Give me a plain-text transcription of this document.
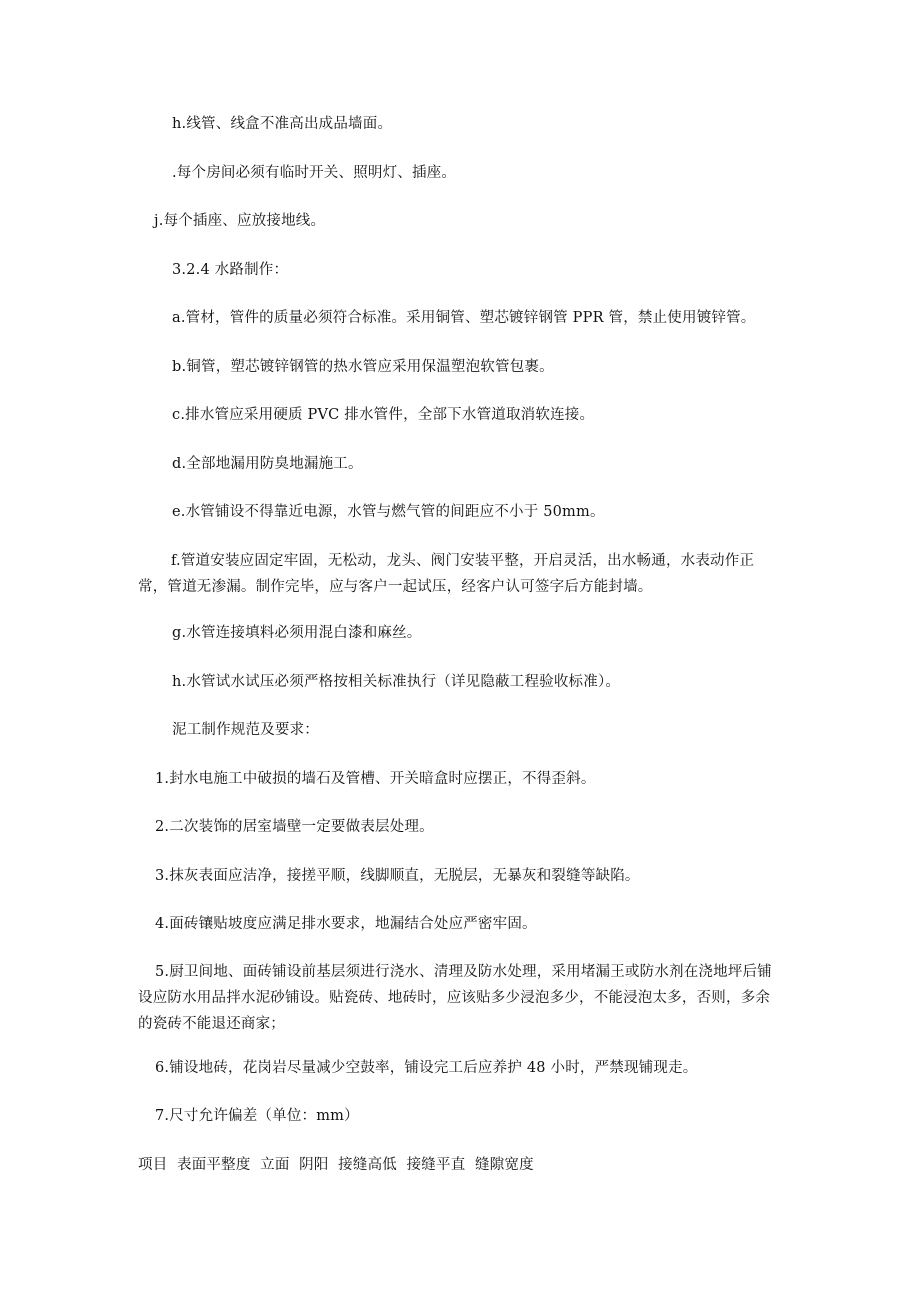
h.线管、线盒不准高出成品墙面。

.每个房间必须有临时开关、照明灯、插座。

j.每个插座、应放接地线。

3.2.4 水路制作：

a.管材，管件的质量必须符合标准。采用铜管、塑芯镀锌钢管 PPR 管，禁止使用镀锌管。

b.铜管，塑芯镀锌钢管的热水管应采用保温塑泡软管包裹。

c.排水管应采用硬质 PVC 排水管件，全部下水管道取消软连接。

d.全部地漏用防臭地漏施工。

e.水管铺设不得靠近电源，水管与燃气管的间距应不小于 50mm。

f.管道安装应固定牢固，无松动，龙头、阀门安装平整，开启灵活，出水畅通，水表动作正常，管道无渗漏。制作完毕，应与客户一起试压，经客户认可签字后方能封墙。

g.水管连接填料必须用混白漆和麻丝。

h.水管试水试压必须严格按相关标准执行（详见隐蔽工程验收标准）。

泥工制作规范及要求：

1.封水电施工中破损的墙石及管槽、开关暗盒时应摆正，不得歪斜。

2.二次装饰的居室墙壁一定要做表层处理。

3.抹灰表面应洁净，接搓平顺，线脚顺直，无脱层，无暴灰和裂缝等缺陷。

4.面砖镶贴坡度应满足排水要求，地漏结合处应严密牢固。

5.厨卫间地、面砖铺设前基层须进行浇水、清理及防水处理，采用堵漏王或防水剂在浇地坪后铺设应防水用品拌水泥砂铺设。贴瓷砖、地砖时，应该贴多少浸泡多少，不能浸泡太多，否则，多余的瓷砖不能退还商家；

6.铺设地砖，花岗岩尽量减少空鼓率，铺设完工后应养护 48 小时，严禁现铺现走。

7.尺寸允许偏差（单位：mm）

项目  表面平整度  立面  阴阳  接缝高低  接缝平直  缝隙宽度
